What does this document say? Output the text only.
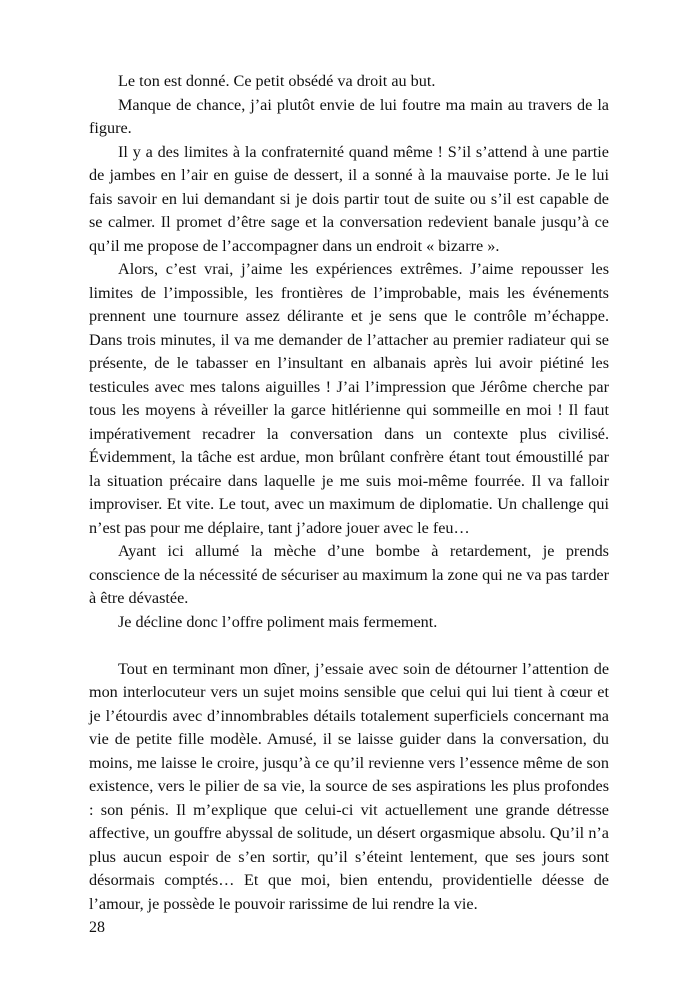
Le ton est donné. Ce petit obsédé va droit au but.

Manque de chance, j’ai plutôt envie de lui foutre ma main au travers de la figure.

Il y a des limites à la confraternité quand même ! S’il s’attend à une partie de jambes en l’air en guise de dessert, il a sonné à la mauvaise porte. Je le lui fais savoir en lui demandant si je dois partir tout de suite ou s’il est capable de se calmer. Il promet d’être sage et la conversation redevient banale jusqu’à ce qu’il me propose de l’accompagner dans un endroit « bizarre ».

Alors, c’est vrai, j’aime les expériences extrêmes. J’aime repousser les limites de l’impossible, les frontières de l’improbable, mais les événements prennent une tournure assez délirante et je sens que le contrôle m’échappe. Dans trois minutes, il va me demander de l’attacher au premier radiateur qui se présente, de le tabasser en l’insultant en albanais après lui avoir piétiné les testicules avec mes talons aiguilles ! J’ai l’impression que Jérôme cherche par tous les moyens à réveiller la garce hitlérienne qui sommeille en moi ! Il faut impérativement recadrer la conversation dans un contexte plus civilisé. Évidemment, la tâche est ardue, mon brûlant confrère étant tout émoustillé par la situation précaire dans laquelle je me suis moi-même fourrée. Il va falloir improviser. Et vite. Le tout, avec un maximum de diplomatie. Un challenge qui n’est pas pour me déplaire, tant j’adore jouer avec le feu…

Ayant ici allumé la mèche d’une bombe à retardement, je prends conscience de la nécessité de sécuriser au maximum la zone qui ne va pas tarder à être dévastée.

Je décline donc l’offre poliment mais fermement.

Tout en terminant mon dîner, j’essaie avec soin de détourner l’attention de mon interlocuteur vers un sujet moins sensible que celui qui lui tient à cœur et je l’étourdis avec d’innombrables détails totalement superficiels concernant ma vie de petite fille modèle. Amusé, il se laisse guider dans la conversation, du moins, me laisse le croire, jusqu’à ce qu’il revienne vers l’essence même de son existence, vers le pilier de sa vie, la source de ses aspirations les plus profondes : son pénis. Il m’explique que celui-ci vit actuellement une grande détresse affective, un gouffre abyssal de solitude, un désert orgasmique absolu. Qu’il n’a plus aucun espoir de s’en sortir, qu’il s’éteint lentement, que ses jours sont désormais comptés… Et que moi, bien entendu, providentielle déesse de l’amour, je possède le pouvoir rarissime de lui rendre la vie.

28
